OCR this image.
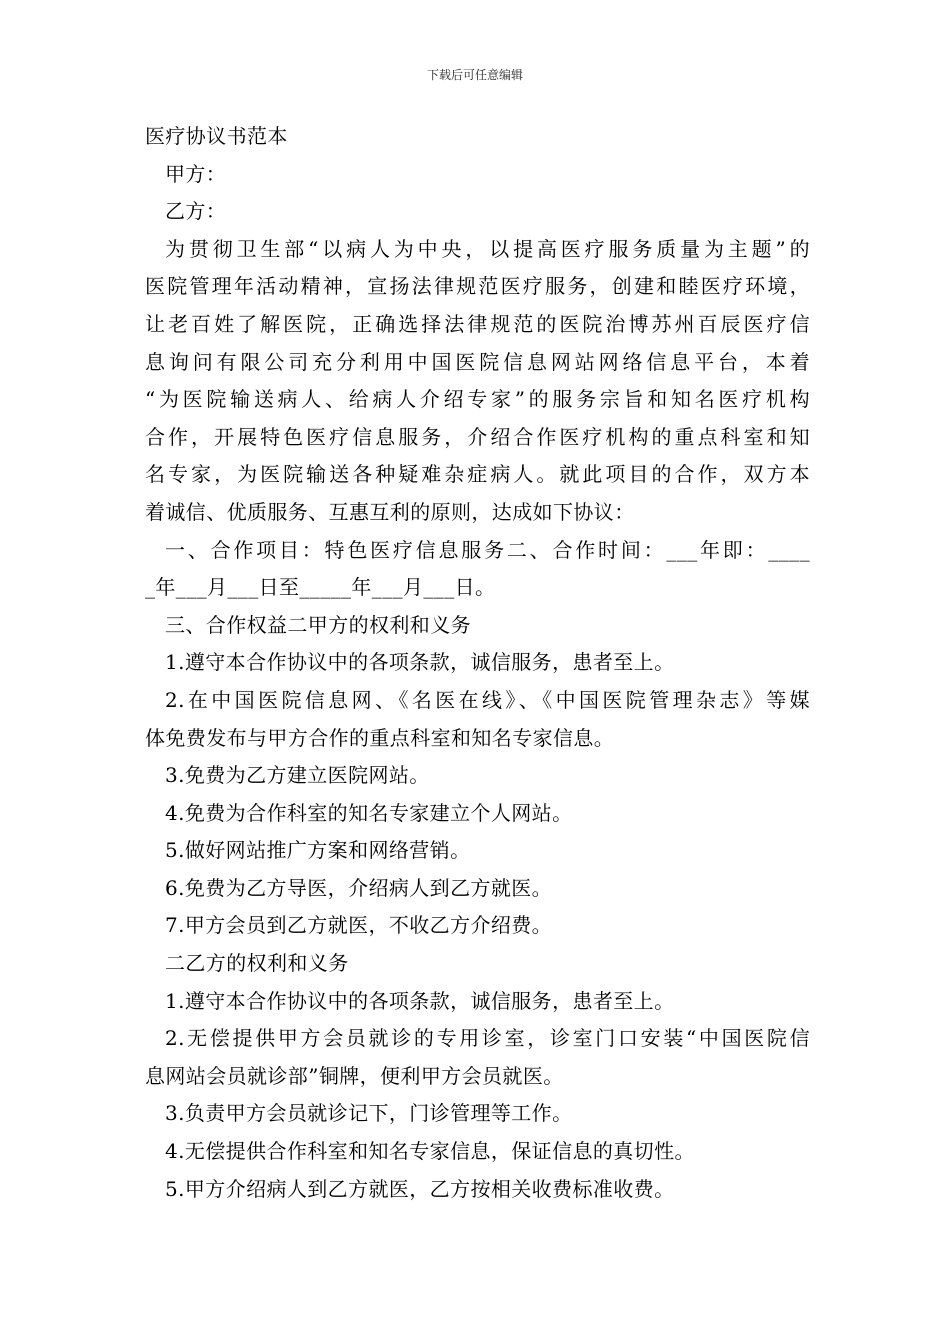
下载后可任意编辑
医疗协议书范本
甲方：
乙方：
为贯彻卫生部“以病人为中央，以提高医疗服务质量为主题”的
医院管理年活动精神，宣扬法律规范医疗服务，创建和睦医疗环境，
让老百姓了解医院，正确选择法律规范的医院治博苏州百辰医疗信
息询问有限公司充分利用中国医院信息网站网络信息平台，本着
“为医院输送病人、给病人介绍专家”的服务宗旨和知名医疗机构
合作，开展特色医疗信息服务，介绍合作医疗机构的重点科室和知
名专家，为医院输送各种疑难杂症病人。就此项目的合作，双方本
着诚信、优质服务、互惠互利的原则，达成如下协议：
一、合作项目：特色医疗信息服务二、合作时间：___年即：____
_年___月___日至_____年___月___日。
三、合作权益二甲方的权利和义务
1.遵守本合作协议中的各项条款，诚信服务，患者至上。
2.在中国医院信息网、《名医在线》、《中国医院管理杂志》等媒
体免费发布与甲方合作的重点科室和知名专家信息。
3.免费为乙方建立医院网站。
4.免费为合作科室的知名专家建立个人网站。
5.做好网站推广方案和网络营销。
6.免费为乙方导医，介绍病人到乙方就医。
7.甲方会员到乙方就医，不收乙方介绍费。
二乙方的权利和义务
1.遵守本合作协议中的各项条款，诚信服务，患者至上。
2.无偿提供甲方会员就诊的专用诊室，诊室门口安装“中国医院信
息网站会员就诊部”铜牌，便利甲方会员就医。
3.负责甲方会员就诊记下，门诊管理等工作。
4.无偿提供合作科室和知名专家信息，保证信息的真切性。
5.甲方介绍病人到乙方就医，乙方按相关收费标准收费。
